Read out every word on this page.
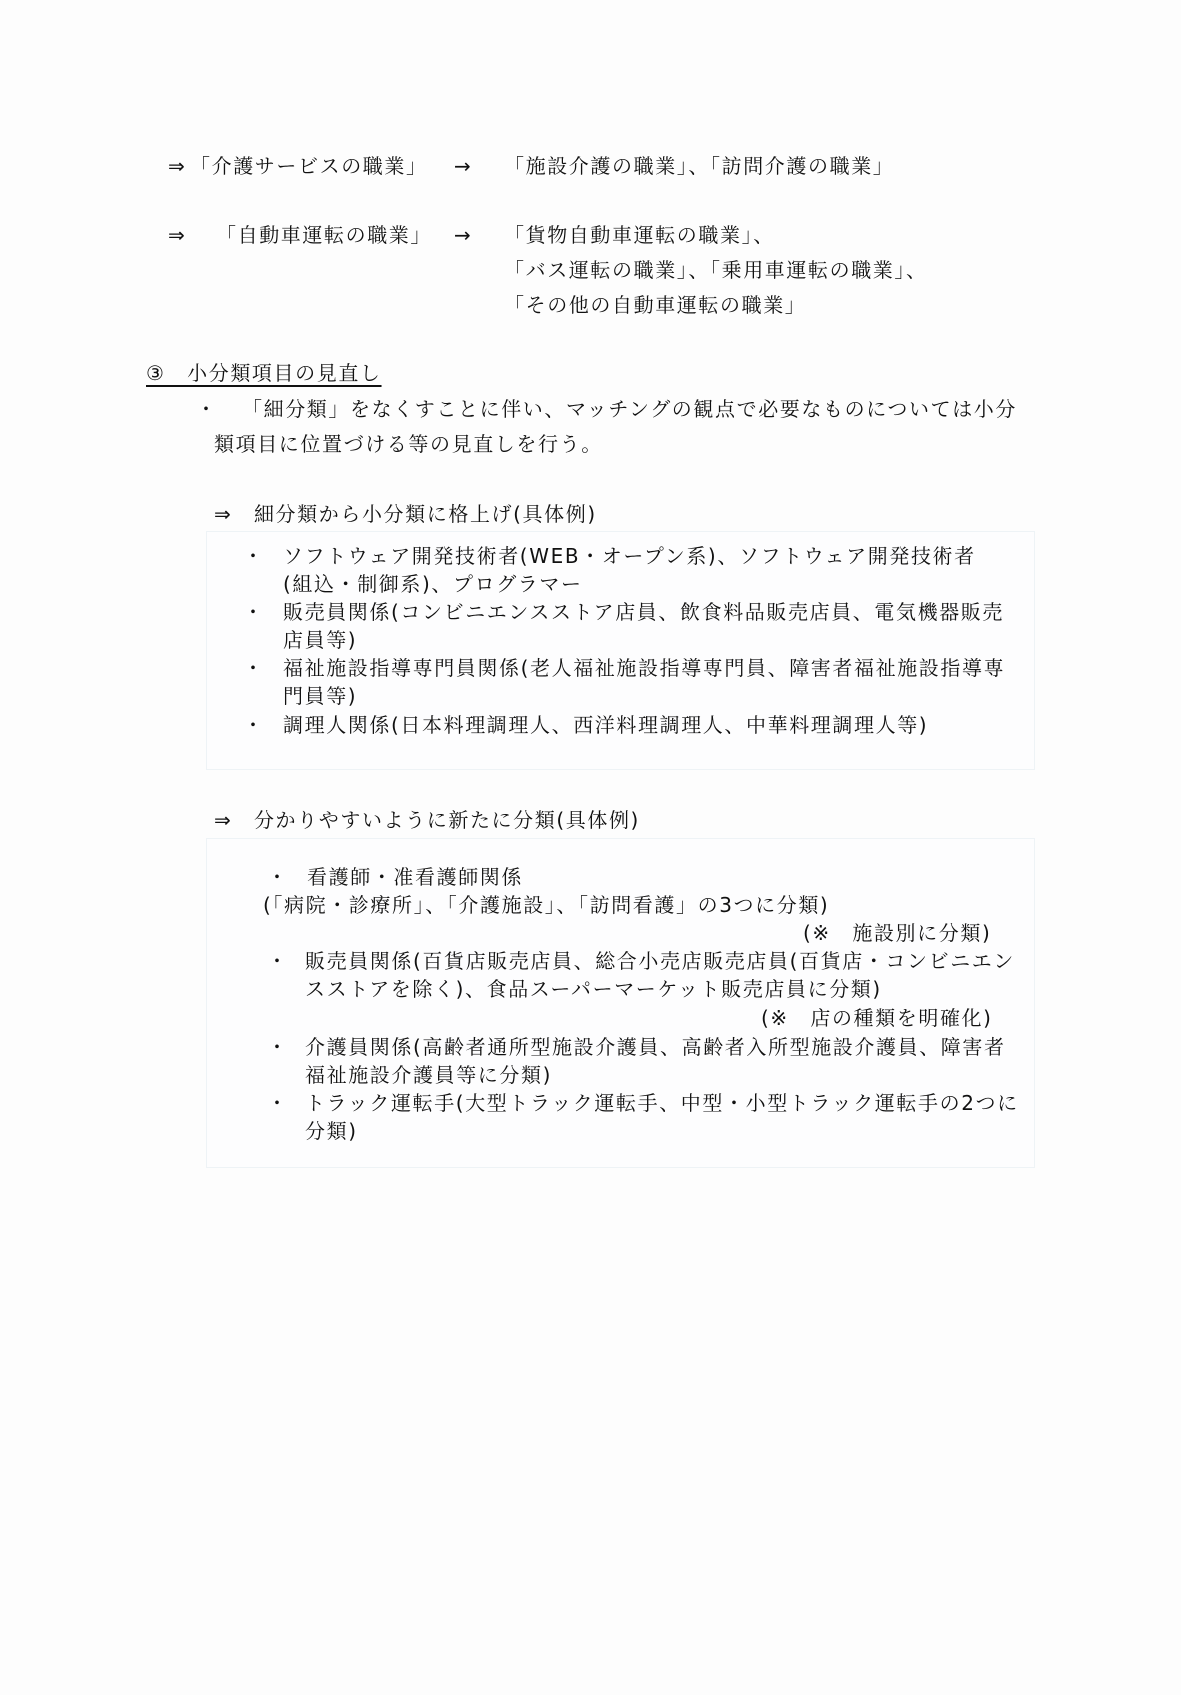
⇒ 「介護サービスの職業」 → 「施設介護の職業」、「訪問介護の職業」
⇒ 「自動車運転の職業」 → 「貨物自動車運転の職業」、
「バス運転の職業」、「乗用車運転の職業」、
「その他の自動車運転の職業」
③　小分類項目の見直し
・ 「細分類」をなくすことに伴い、マッチングの観点で必要なものについては小分
類項目に位置づける等の見直しを行う。
⇒　細分類から小分類に格上げ(具体例)
・ ソフトウェア開発技術者(WEB・オープン系)、ソフトウェア開発技術者
(組込・制御系)、プログラマー
・ 販売員関係(コンビニエンスストア店員、飲食料品販売店員、電気機器販売
店員等)
・ 福祉施設指導専門員関係(老人福祉施設指導専門員、障害者福祉施設指導専
門員等)
・ 調理人関係(日本料理調理人、西洋料理調理人、中華料理調理人等)
⇒　分かりやすいように新たに分類(具体例)
・ 看護師・准看護師関係
(「病院・診療所」、「介護施設」、「訪問看護」の3つに分類)
(※　施設別に分類)
・ 販売員関係(百貨店販売店員、総合小売店販売店員(百貨店・コンビニエン
スストアを除く)、食品スーパーマーケット販売店員に分類)
(※　店の種類を明確化)
・ 介護員関係(高齢者通所型施設介護員、高齢者入所型施設介護員、障害者
福祉施設介護員等に分類)
・ トラック運転手(大型トラック運転手、中型・小型トラック運転手の2つに
分類)
